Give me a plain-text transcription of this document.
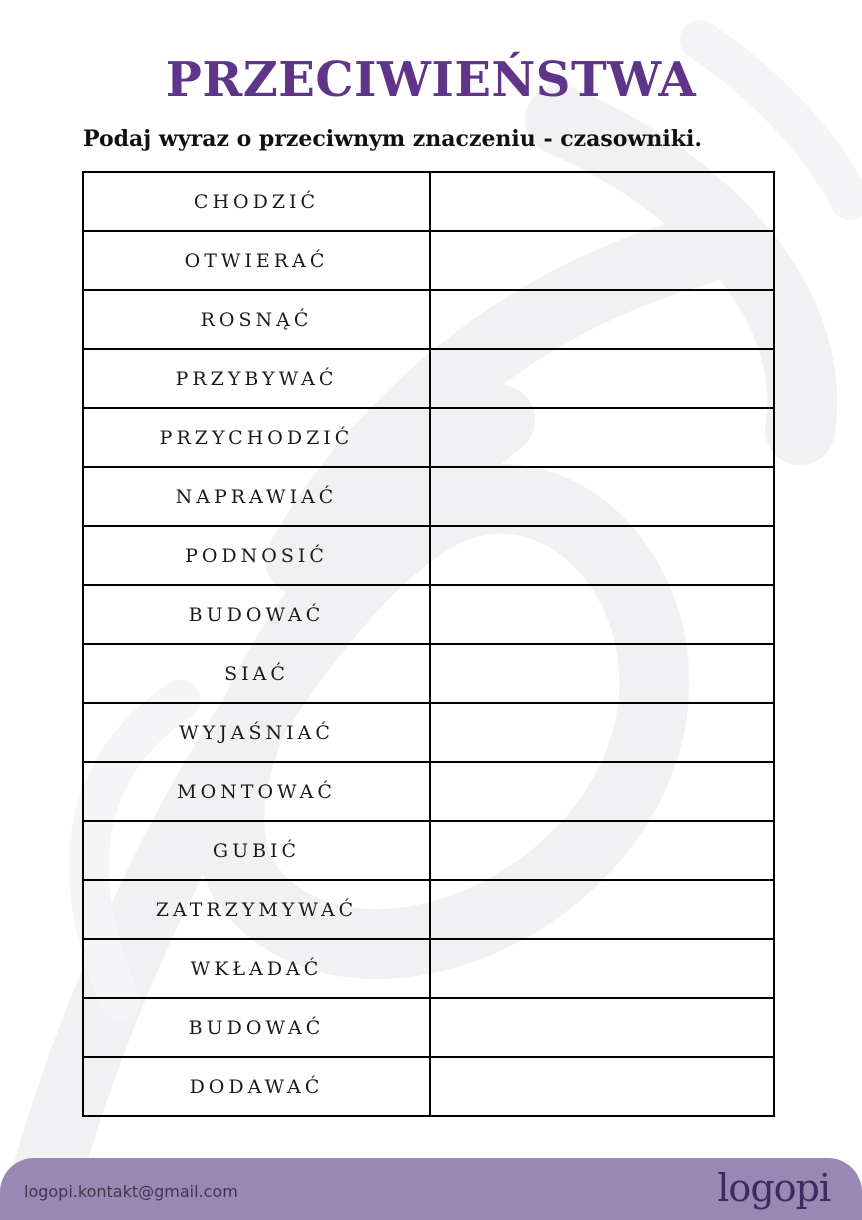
PRZECIWIEŃSTWA

Podaj wyraz o przeciwnym znaczeniu - czasowniki.

CHODZIĆ	
OTWIERAĆ	
ROSNĄĆ	
PRZYBYWAĆ	
PRZYCHODZIĆ	
NAPRAWIAĆ	
PODNOSIĆ	
BUDOWAĆ	
SIAĆ	
WYJAŚNIAĆ	
MONTOWAĆ	
GUBIĆ	
ZATRZYMYWAĆ	
WKŁADAĆ	
BUDOWAĆ	
DODAWAĆ	
logopi.kontakt@gmail.com	logopi
